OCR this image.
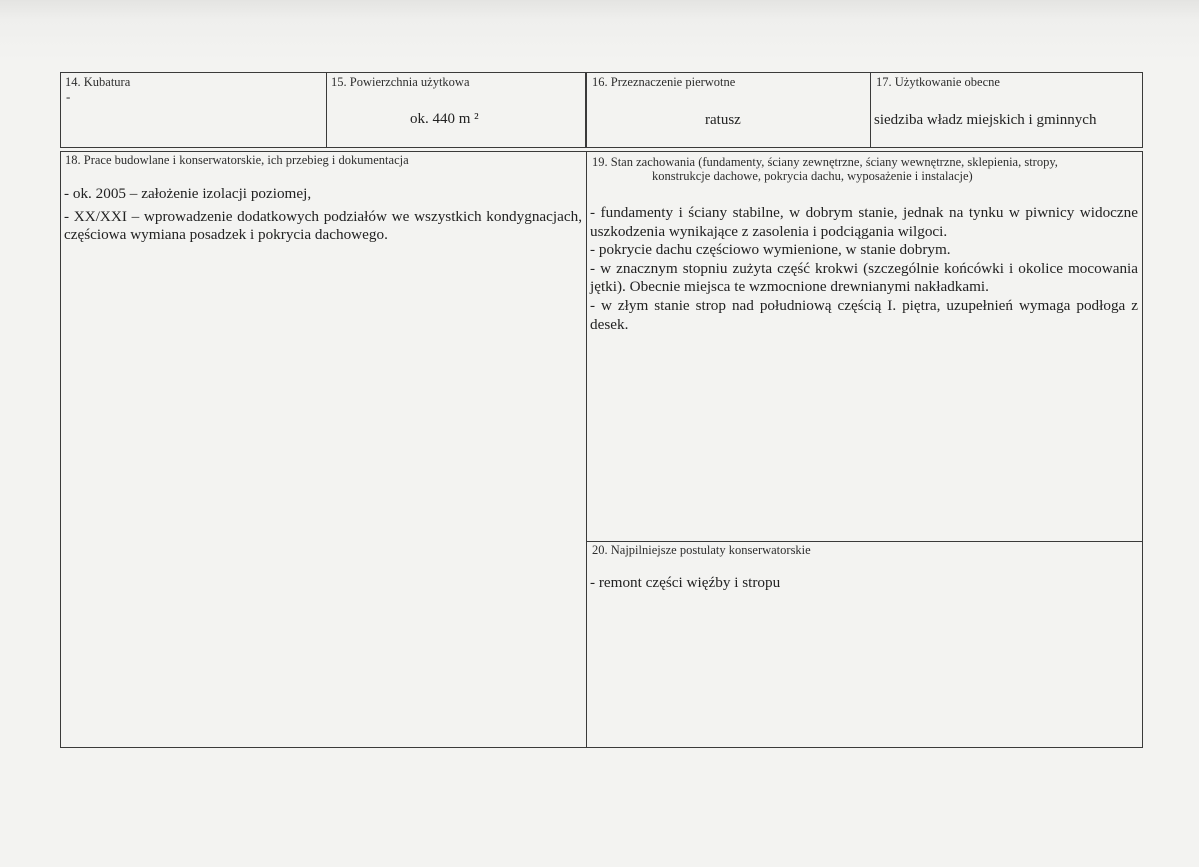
14. Kubatura
-
15. Powierzchnia użytkowa
ok. 440 m ²
16. Przeznaczenie pierwotne
ratusz
17. Użytkowanie obecne
siedziba władz miejskich i gminnych
18. Prace budowlane i konserwatorskie, ich przebieg i dokumentacja
- ok. 2005 – założenie izolacji poziomej,
- XX/XXI – wprowadzenie dodatkowych podziałów we wszystkich kondygnacjach, częściowa wymiana posadzek i pokrycia dachowego.
19. Stan zachowania (fundamenty, ściany zewnętrzne, ściany wewnętrzne, sklepienia, stropy,
konstrukcje dachowe, pokrycia dachu, wyposażenie i instalacje)
- fundamenty i ściany stabilne, w dobrym stanie, jednak na tynku w piwnicy widoczne uszkodzenia wynikające z zasolenia i podciągania wilgoci.
- pokrycie dachu częściowo wymienione, w stanie dobrym.
- w znacznym stopniu zużyta część krokwi (szczególnie końcówki i okolice mocowania jętki). Obecnie miejsca te wzmocnione drewnianymi nakładkami.
- w złym stanie strop nad południową częścią I. piętra, uzupełnień wymaga podłoga z desek.
20. Najpilniejsze postulaty konserwatorskie
- remont części więźby i stropu
